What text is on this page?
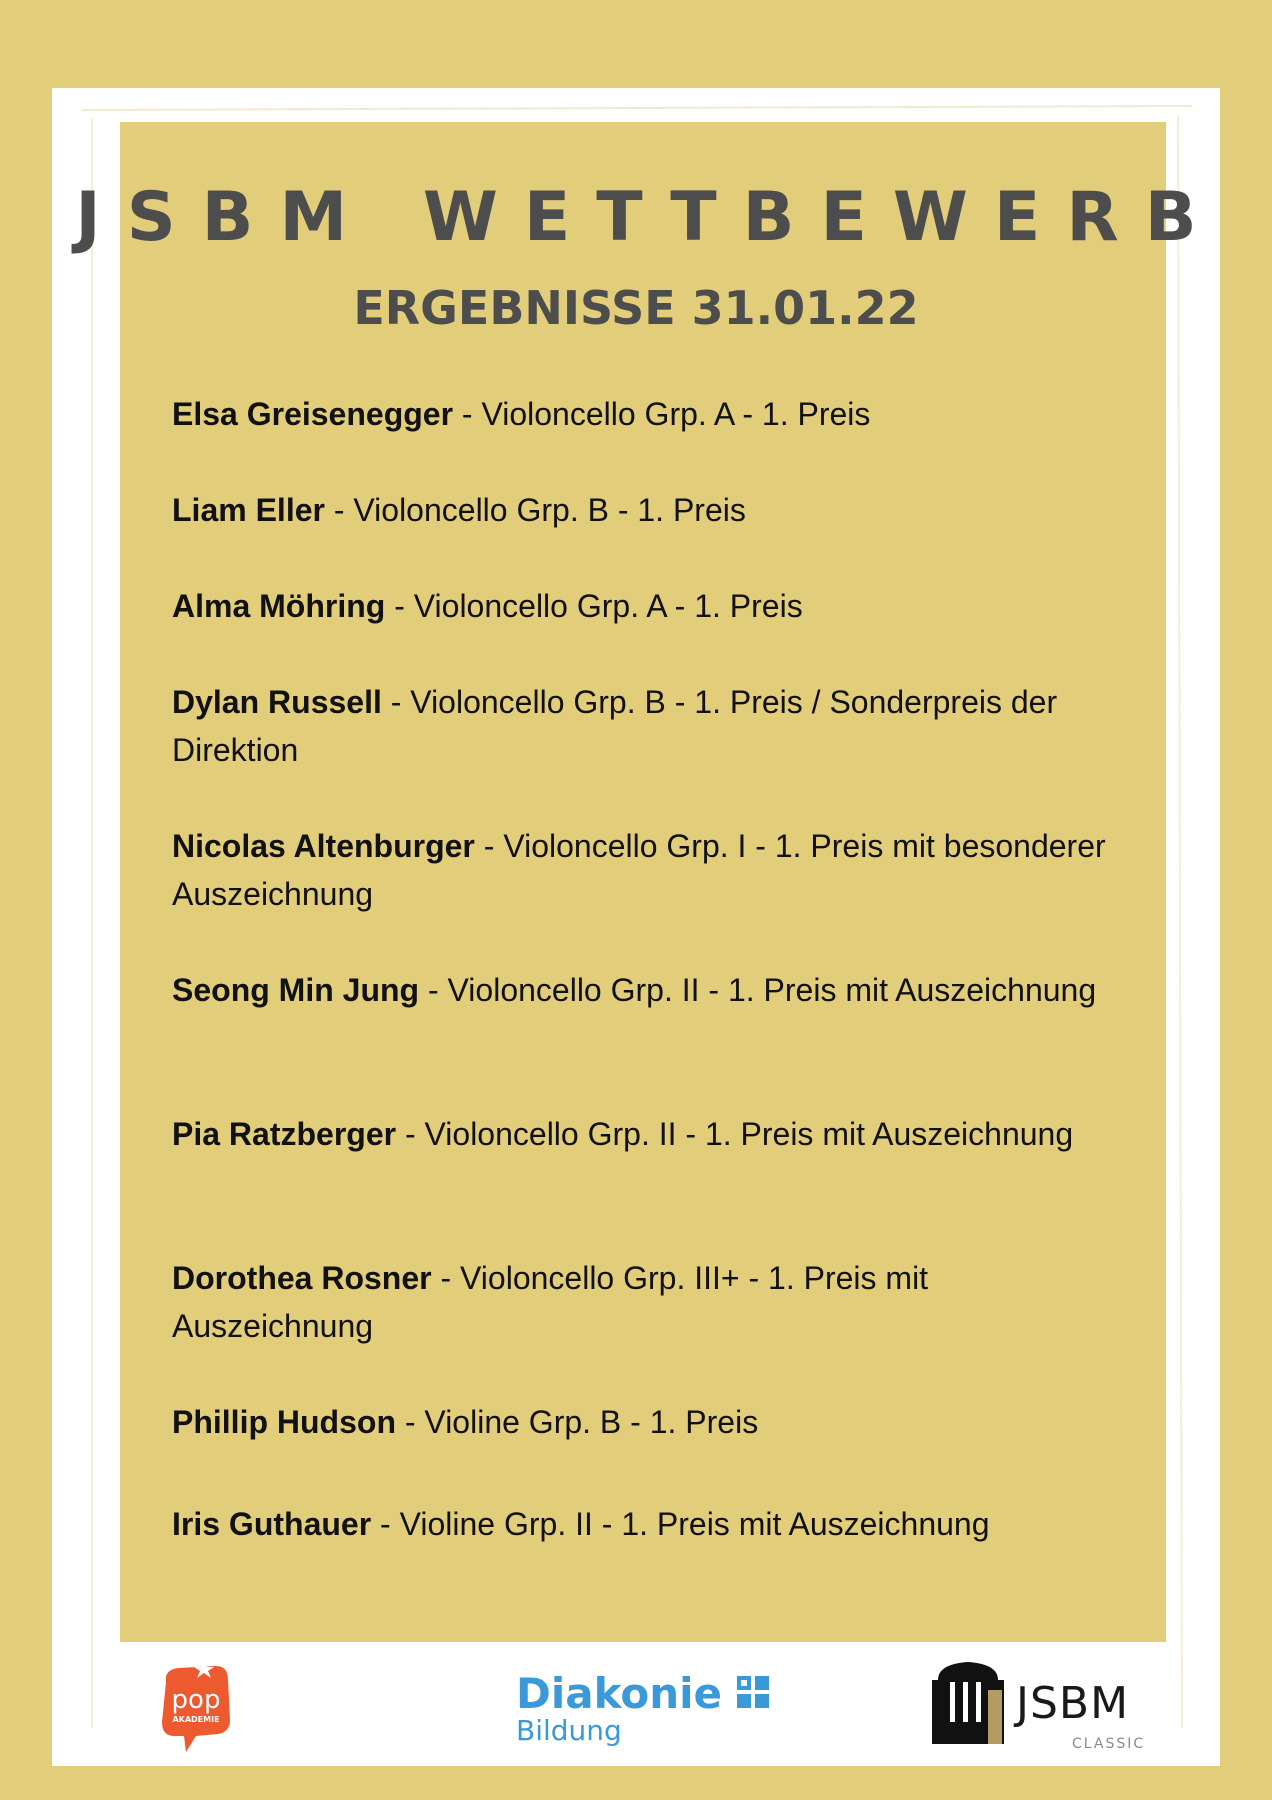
JSBM WETTBEWERB
ERGEBNISSE 31.01.22
Elsa Greisenegger - Violoncello Grp. A - 1. Preis
Liam Eller - Violoncello Grp. B - 1. Preis
Alma Möhring - Violoncello Grp. A - 1. Preis
Dylan Russell - Violoncello Grp. B - 1. Preis / Sonderpreis der Direktion
Nicolas Altenburger - Violoncello Grp. I - 1. Preis mit besonderer Auszeichnung
Seong Min Jung - Violoncello Grp. II - 1. Preis mit Auszeichnung
Pia Ratzberger - Violoncello Grp. II - 1. Preis mit Auszeichnung
Dorothea Rosner - Violoncello Grp. III+ - 1. Preis mit Auszeichnung
Phillip Hudson - Violine Grp. B - 1. Preis
Iris Guthauer - Violine Grp. II - 1. Preis mit Auszeichnung
pop
AKADEMIE
Diakonie
Bildung
JSBM
CLASSIC
